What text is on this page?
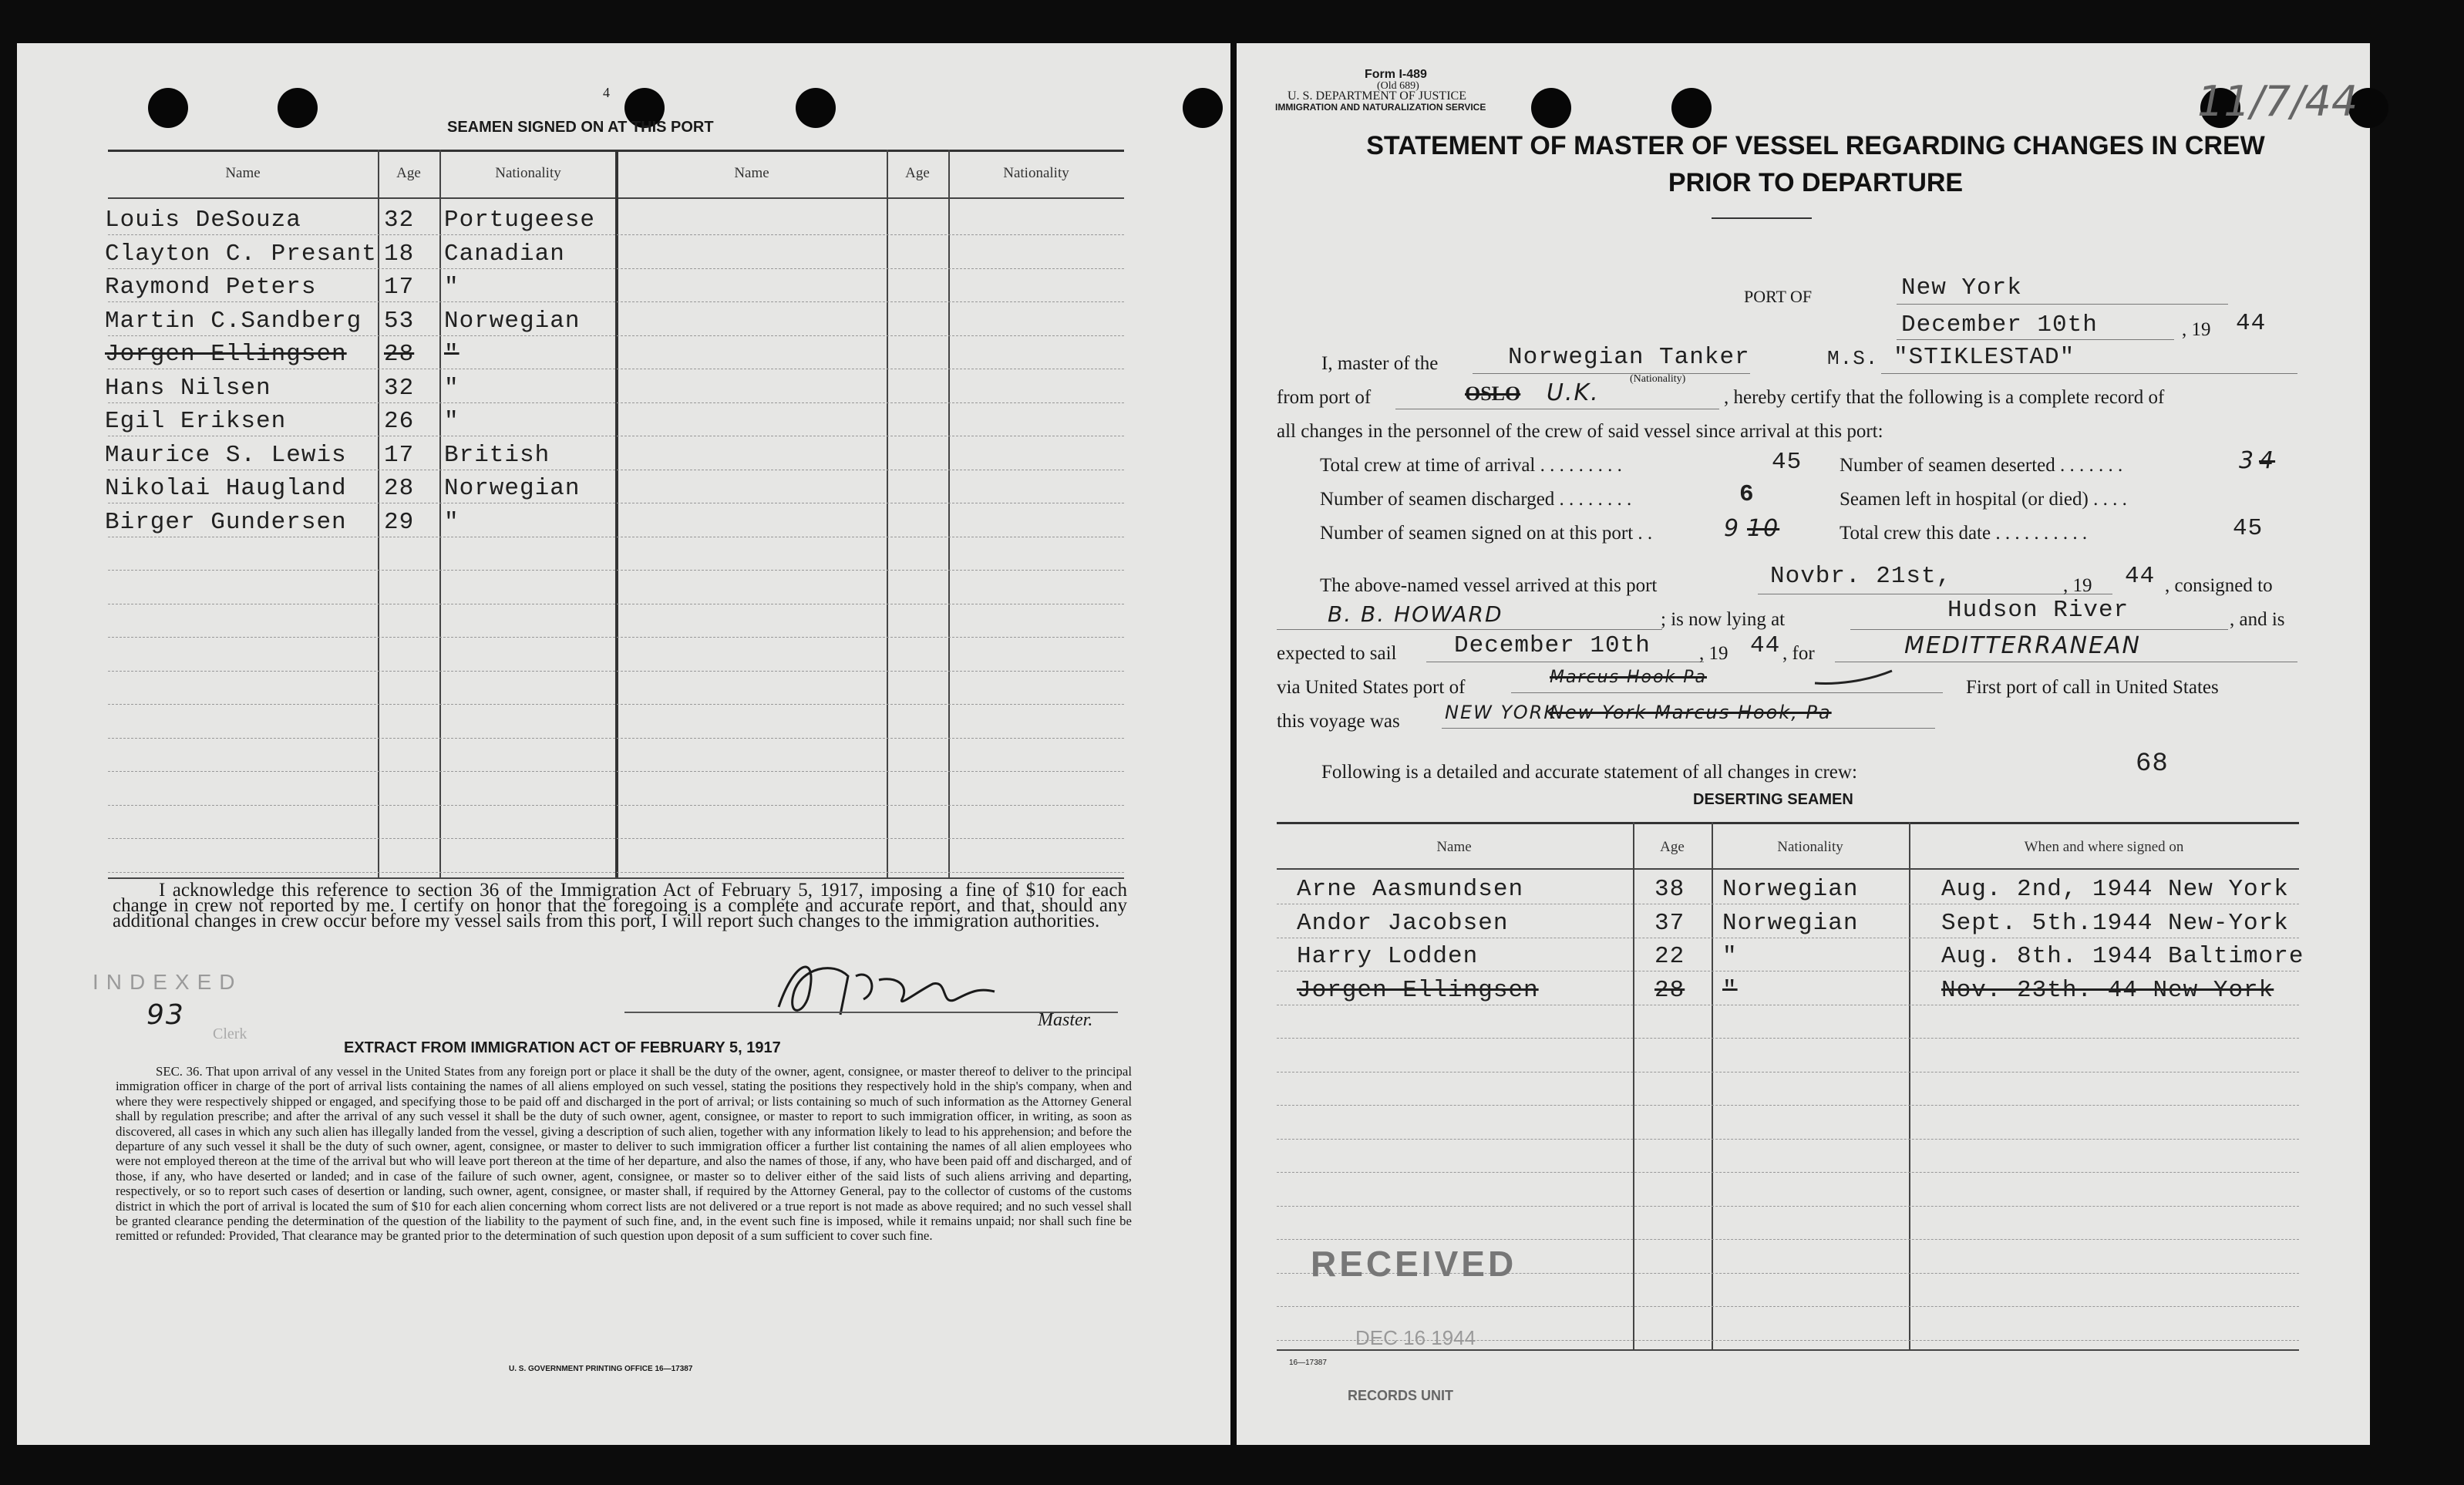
4
SEAMEN SIGNED ON AT THIS PORT
Name	Age	Nationality	Name	Age	Nationality
Louis DeSouza	32 Portugeese
Clayton C. Presant 18 Canadian
Raymond Peters	17 "
Martin C.Sandberg 53 Norwegian
Jorgen Ellingsen 28 "
Hans Nilsen	32 "
Egil Eriksen	26 "
Maurice S. Lewis 17 British
Nikolai Haugland 28 Norwegian
Birger Gundersen 29 "
I acknowledge this reference to section 36 of the Immigration Act of February 5, 1917, imposing a fine of $10 for each change in crew not reported by me. I certify on honor that the foregoing is a complete and accurate report, and that, should any additional changes in crew occur before my vessel sails from this port, I will report such changes to the immigration authorities.
INDEXED
93
Clerk
Master.
EXTRACT FROM IMMIGRATION ACT OF FEBRUARY 5, 1917
SEC. 36. That upon arrival of any vessel in the United States from any foreign port or place it shall be the duty of the owner, agent, consignee, or master thereof to deliver to the principal immigration officer in charge of the port of arrival lists containing the names of all aliens employed on such vessel, stating the positions they respectively hold in the ship's company, when and where they were respectively shipped or engaged, and specifying those to be paid off and discharged in the port of arrival; or lists containing so much of such information as the Attorney General shall by regulation prescribe; and after the arrival of any such vessel it shall be the duty of such owner, agent, consignee, or master to report to such immigration officer, in writing, as soon as discovered, all cases in which any such alien has illegally landed from the vessel, giving a description of such alien, together with any information likely to lead to his apprehension; and before the departure of any such vessel it shall be the duty of such owner, agent, consignee, or master to deliver to such immigration officer a further list containing the names of all alien employees who were not employed thereon at the time of the arrival but who will leave port thereon at the time of her departure, and also the names of those, if any, who have been paid off and discharged, and of those, if any, who have deserted or landed; and in case of the failure of such owner, agent, consignee, or master so to deliver either of the said lists of such aliens arriving and departing, respectively, or so to report such cases of desertion or landing, such owner, agent, consignee, or master shall, if required by the Attorney General, pay to the collector of customs of the customs district in which the port of arrival is located the sum of $10 for each alien concerning whom correct lists are not delivered or a true report is not made as above required; and no such vessel shall be granted clearance pending the determination of the question of the liability to the payment of such fine, and, in the event such fine is imposed, while it remains unpaid; nor shall such fine be remitted or refunded: Provided, That clearance may be granted prior to the determination of such question upon deposit of a sum sufficient to cover such fine.
U. S. GOVERNMENT PRINTING OFFICE 16—17387
Form I-489
(Old 689)
U. S. DEPARTMENT OF JUSTICE
IMMIGRATION AND NATURALIZATION SERVICE	11/7/44
STATEMENT OF MASTER OF VESSEL REGARDING CHANGES IN CREW
PRIOR TO DEPARTURE
PORT OF	New York
December 10th	, 19 44
I, master of the	Norwegian Tanker
(Nationality)
M.S. "STIKLESTAD"
from port of	OSLO U.K.	, hereby certify that the following is a complete record of
all changes in the personnel of the crew of said vessel since arrival at this port:
Total crew at time of arrival . . . . . . . . .	45 Number of seamen deserted . . . . . . .	3 4
Number of seamen discharged . . . . . . . .	6	Seamen left in hospital (or died) . . . .
Number of seamen signed on at this port . .	9 10	Total crew this date . . . . . . . . . .	45
The above-named vessel arrived at this port	Novbr. 21st,	, 19 44 , consigned to
B. B. HOWARD	; is now lying at	Hudson River	, and is
expected to sail December 10th	, 19 44 , for	MEDITTERRANEAN
via United States port of	Marcus Hook Pa	First port of call in United States
this voyage was NEW YORK
New York Marcus Hook, Pa
Following is a detailed and accurate statement of all changes in crew:	68
DESERTING SEAMEN
Name	Age	Nationality	When and where signed on
Arne Aasmundsen	38 Norwegian	Aug. 2nd, 1944 New York
Andor Jacobsen	37 Norwegian	Sept. 5th.1944 New-York
Harry Lodden	22 "	Aug. 8th. 1944 Baltimore
Jorgen Ellingsen	28 "	Nov. 23th.-44 New York
RECEIVED
DEC 16 1944
16—17387
RECORDS UNIT
